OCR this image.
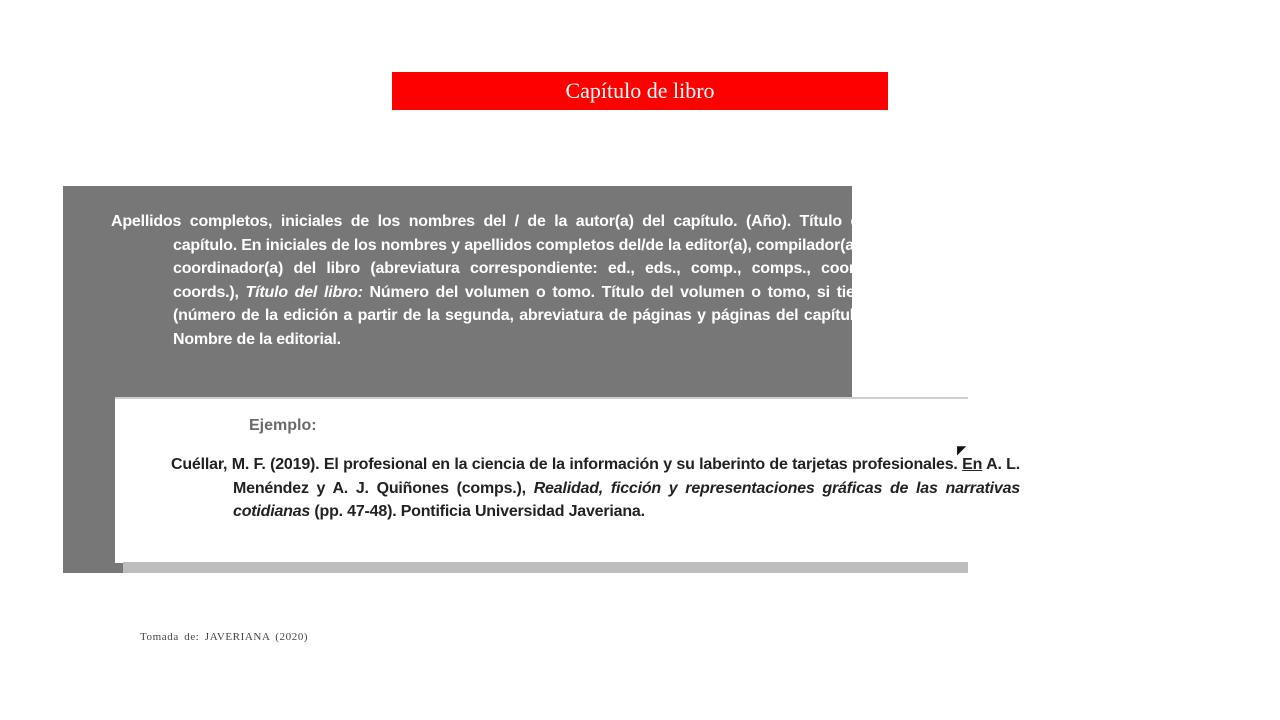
Capítulo de libro
Apellidos completos, iniciales de los nombres del / de la autor(a) del capítulo. (Año). Título del capítulo. En iniciales de los nombres y apellidos completos del/de la editor(a), compilador(a) o coordinador(a) del libro (abreviatura correspondiente: ed., eds., comp., comps., coord., coords.), Título del libro: Número del volumen o tomo. Título del volumen o tomo, si tiene (número de la edición a partir de la segunda, abreviatura de páginas y páginas del capítulo). Nombre de la editorial.
Ejemplo:
Cuéllar, M. F. (2019). El profesional en la ciencia de la información y su laberinto de tarjetas profesionales. En A. L. Menéndez y A. J. Quiñones (comps.), Realidad, ficción y representaciones gráficas de las narrativas cotidianas (pp. 47-48). Pontificia Universidad Javeriana.
◤
Tomada de: JAVERIANA (2020)
